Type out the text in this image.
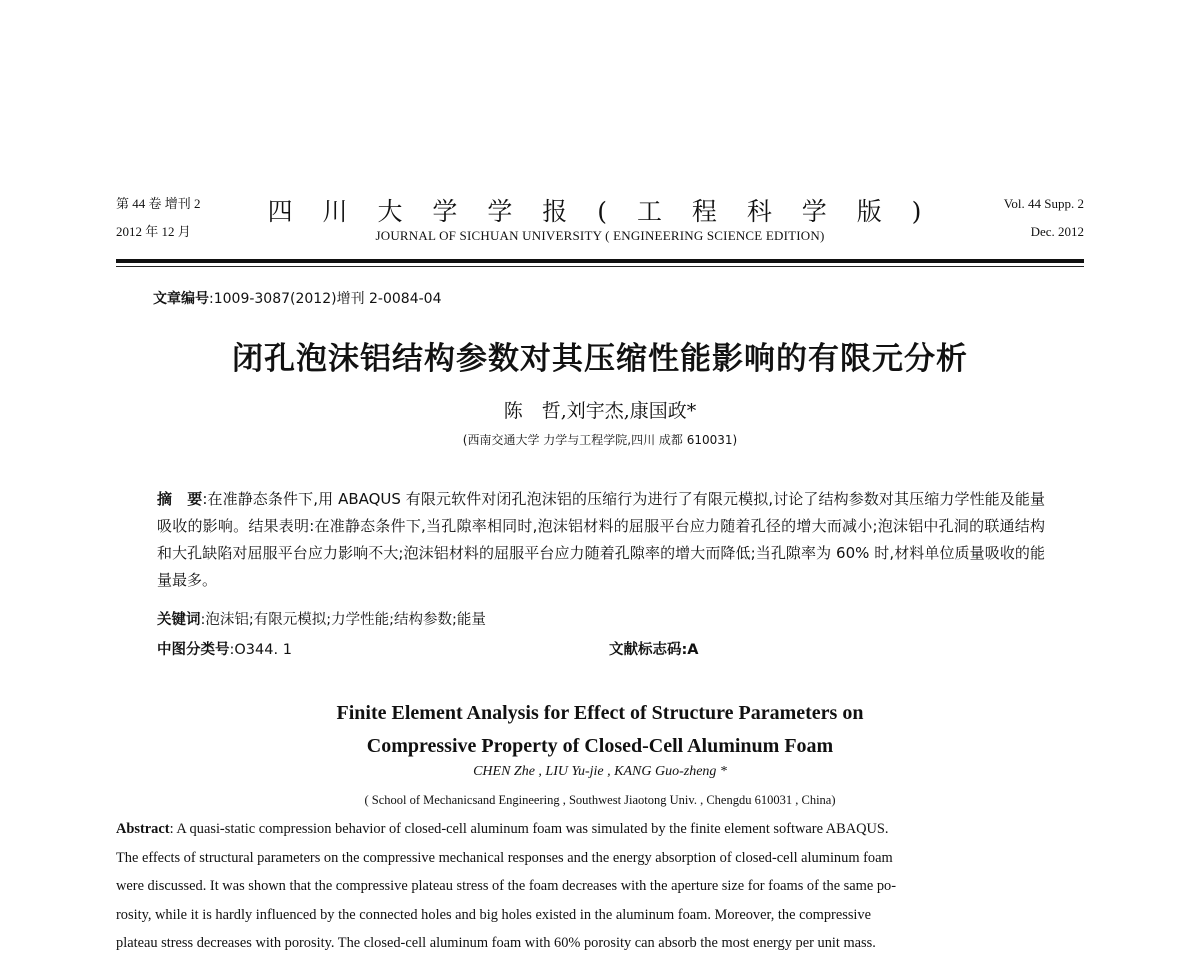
第 44 卷 增刊 2
2012 年 12 月
四 川 大 学 学 报 ( 工 程 科 学 版 )
JOURNAL OF SICHUAN UNIVERSITY ( ENGINEERING SCIENCE EDITION)
Vol. 44 Supp. 2
Dec. 2012
文章编号:1009-3087(2012)增刊 2-0084-04
闭孔泡沫铝结构参数对其压缩性能影响的有限元分析
陈　哲,刘宇杰,康国政*
(西南交通大学 力学与工程学院,四川 成都 610031)
摘　要:在准静态条件下,用 ABAQUS 有限元软件对闭孔泡沫铝的压缩行为进行了有限元模拟,讨论了结构参数对其压缩力学性能及能量吸收的影响。结果表明:在准静态条件下,当孔隙率相同时,泡沫铝材料的屈服平台应力随着孔径的增大而减小;泡沫铝中孔洞的联通结构和大孔缺陷对屈服平台应力影响不大;泡沫铝材料的屈服平台应力随着孔隙率的增大而降低;当孔隙率为 60% 时,材料单位质量吸收的能量最多。
关键词:泡沫铝;有限元模拟;力学性能;结构参数;能量
中图分类号:O344. 1	文献标志码:A
Finite Element Analysis for Effect of Structure Parameters on
Compressive Property of Closed-Cell Aluminum Foam
CHEN Zhe , LIU Yu-jie , KANG Guo-zheng *
( School of Mechanicsand Engineering , Southwest Jiaotong Univ. , Chengdu 610031 , China)
Abstract: A quasi-static compression behavior of closed-cell aluminum foam was simulated by the finite element software ABAQUS.
The effects of structural parameters on the compressive mechanical responses and the energy absorption of closed-cell aluminum foam
were discussed. It was shown that the compressive plateau stress of the foam decreases with the aperture size for foams of the same po-
rosity, while it is hardly influenced by the connected holes and big holes existed in the aluminum foam. Moreover, the compressive
plateau stress decreases with porosity. The closed-cell aluminum foam with 60% porosity can absorb the most energy per unit mass.
